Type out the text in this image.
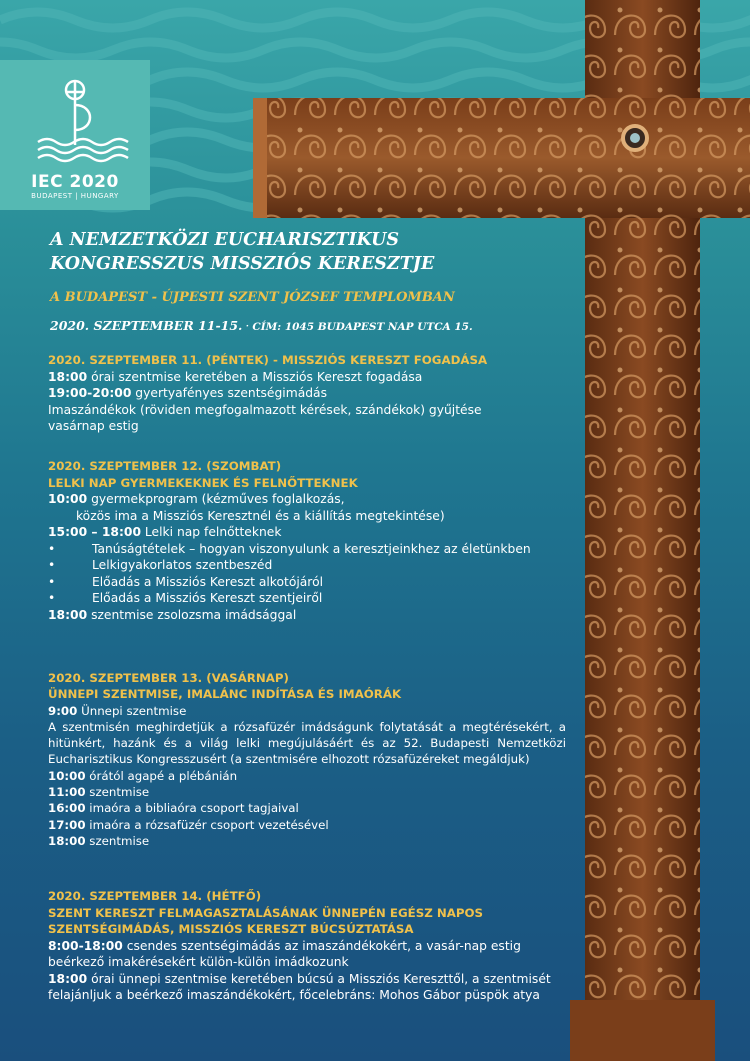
IEC 2020
BUDAPEST | HUNGARY
A NEMZETKÖZI EUCHARISZTIKUS
KONGRESSZUS MISSZIÓS KERESZTJE
A BUDAPEST - ÚJPESTI SZENT JÓZSEF TEMPLOMBAN
2020. SZEPTEMBER 11-15. · CÍM: 1045 BUDAPEST NAP UTCA 15.
2020. SZEPTEMBER 11. (PÉNTEK) - MISSZIÓS KERESZT FOGADÁSA
18:00 órai szentmise keretében a Missziós Kereszt fogadása
19:00-20:00 gyertyafényes szentségimádás
Imaszándékok (röviden megfogalmazott kérések, szándékok) gyűjtése vasárnap estig
2020. SZEPTEMBER 12. (SZOMBAT)
LELKI NAP GYERMEKEKNEK ÉS FELNŐTTEKNEK
10:00 gyermekprogram (kézműves foglalkozás,
közös ima a Missziós Keresztnél és a kiállítás megtekintése)
15:00 – 18:00 Lelki nap felnőtteknek
•	Tanúságtételek – hogyan viszonyulunk a keresztjeinkhez az életünkben
•	Lelkigyakorlatos szentbeszéd
•	Előadás a Missziós Kereszt alkotójáról
•	Előadás a Missziós Kereszt szentjeiről
18:00 szentmise zsolozsma imádsággal
2020. SZEPTEMBER 13. (VASÁRNAP)
ÜNNEPI SZENTMISE, IMALÁNC INDÍTÁSA ÉS IMAÓRÁK
9:00 Ünnepi szentmise
A szentmisén meghirdetjük a rózsafüzér imádságunk folytatását a megtérésekért, a hitünkért, hazánk és a világ lelki megújulásáért és az 52. Budapesti Nemzetközi Eucharisztikus Kongresszusért (a szentmisére elhozott rózsafüzéreket megáldjuk)
10:00 órától agapé a plébánián
11:00 szentmise
16:00 imaóra a bibliaóra csoport tagjaival
17:00 imaóra a rózsafüzér csoport vezetésével
18:00 szentmise
2020. SZEPTEMBER 14. (HÉTFŐ)
SZENT KERESZT FELMAGASZTALÁSÁNAK ÜNNEPÉN EGÉSZ NAPOS SZENTSÉGIMÁDÁS, MISSZIÓS KERESZT BÚCSÚZTATÁSA
8:00-18:00 csendes szentségimádás az imaszándékokért, a vasár-nap estig beérkező imakérésekért külön-külön imádkozunk
18:00 órai ünnepi szentmise keretében búcsú a Missziós Kereszttől, a szentmisét felajánljuk a beérkező imaszándékokért, főcelebráns: Mohos Gábor püspök atya
